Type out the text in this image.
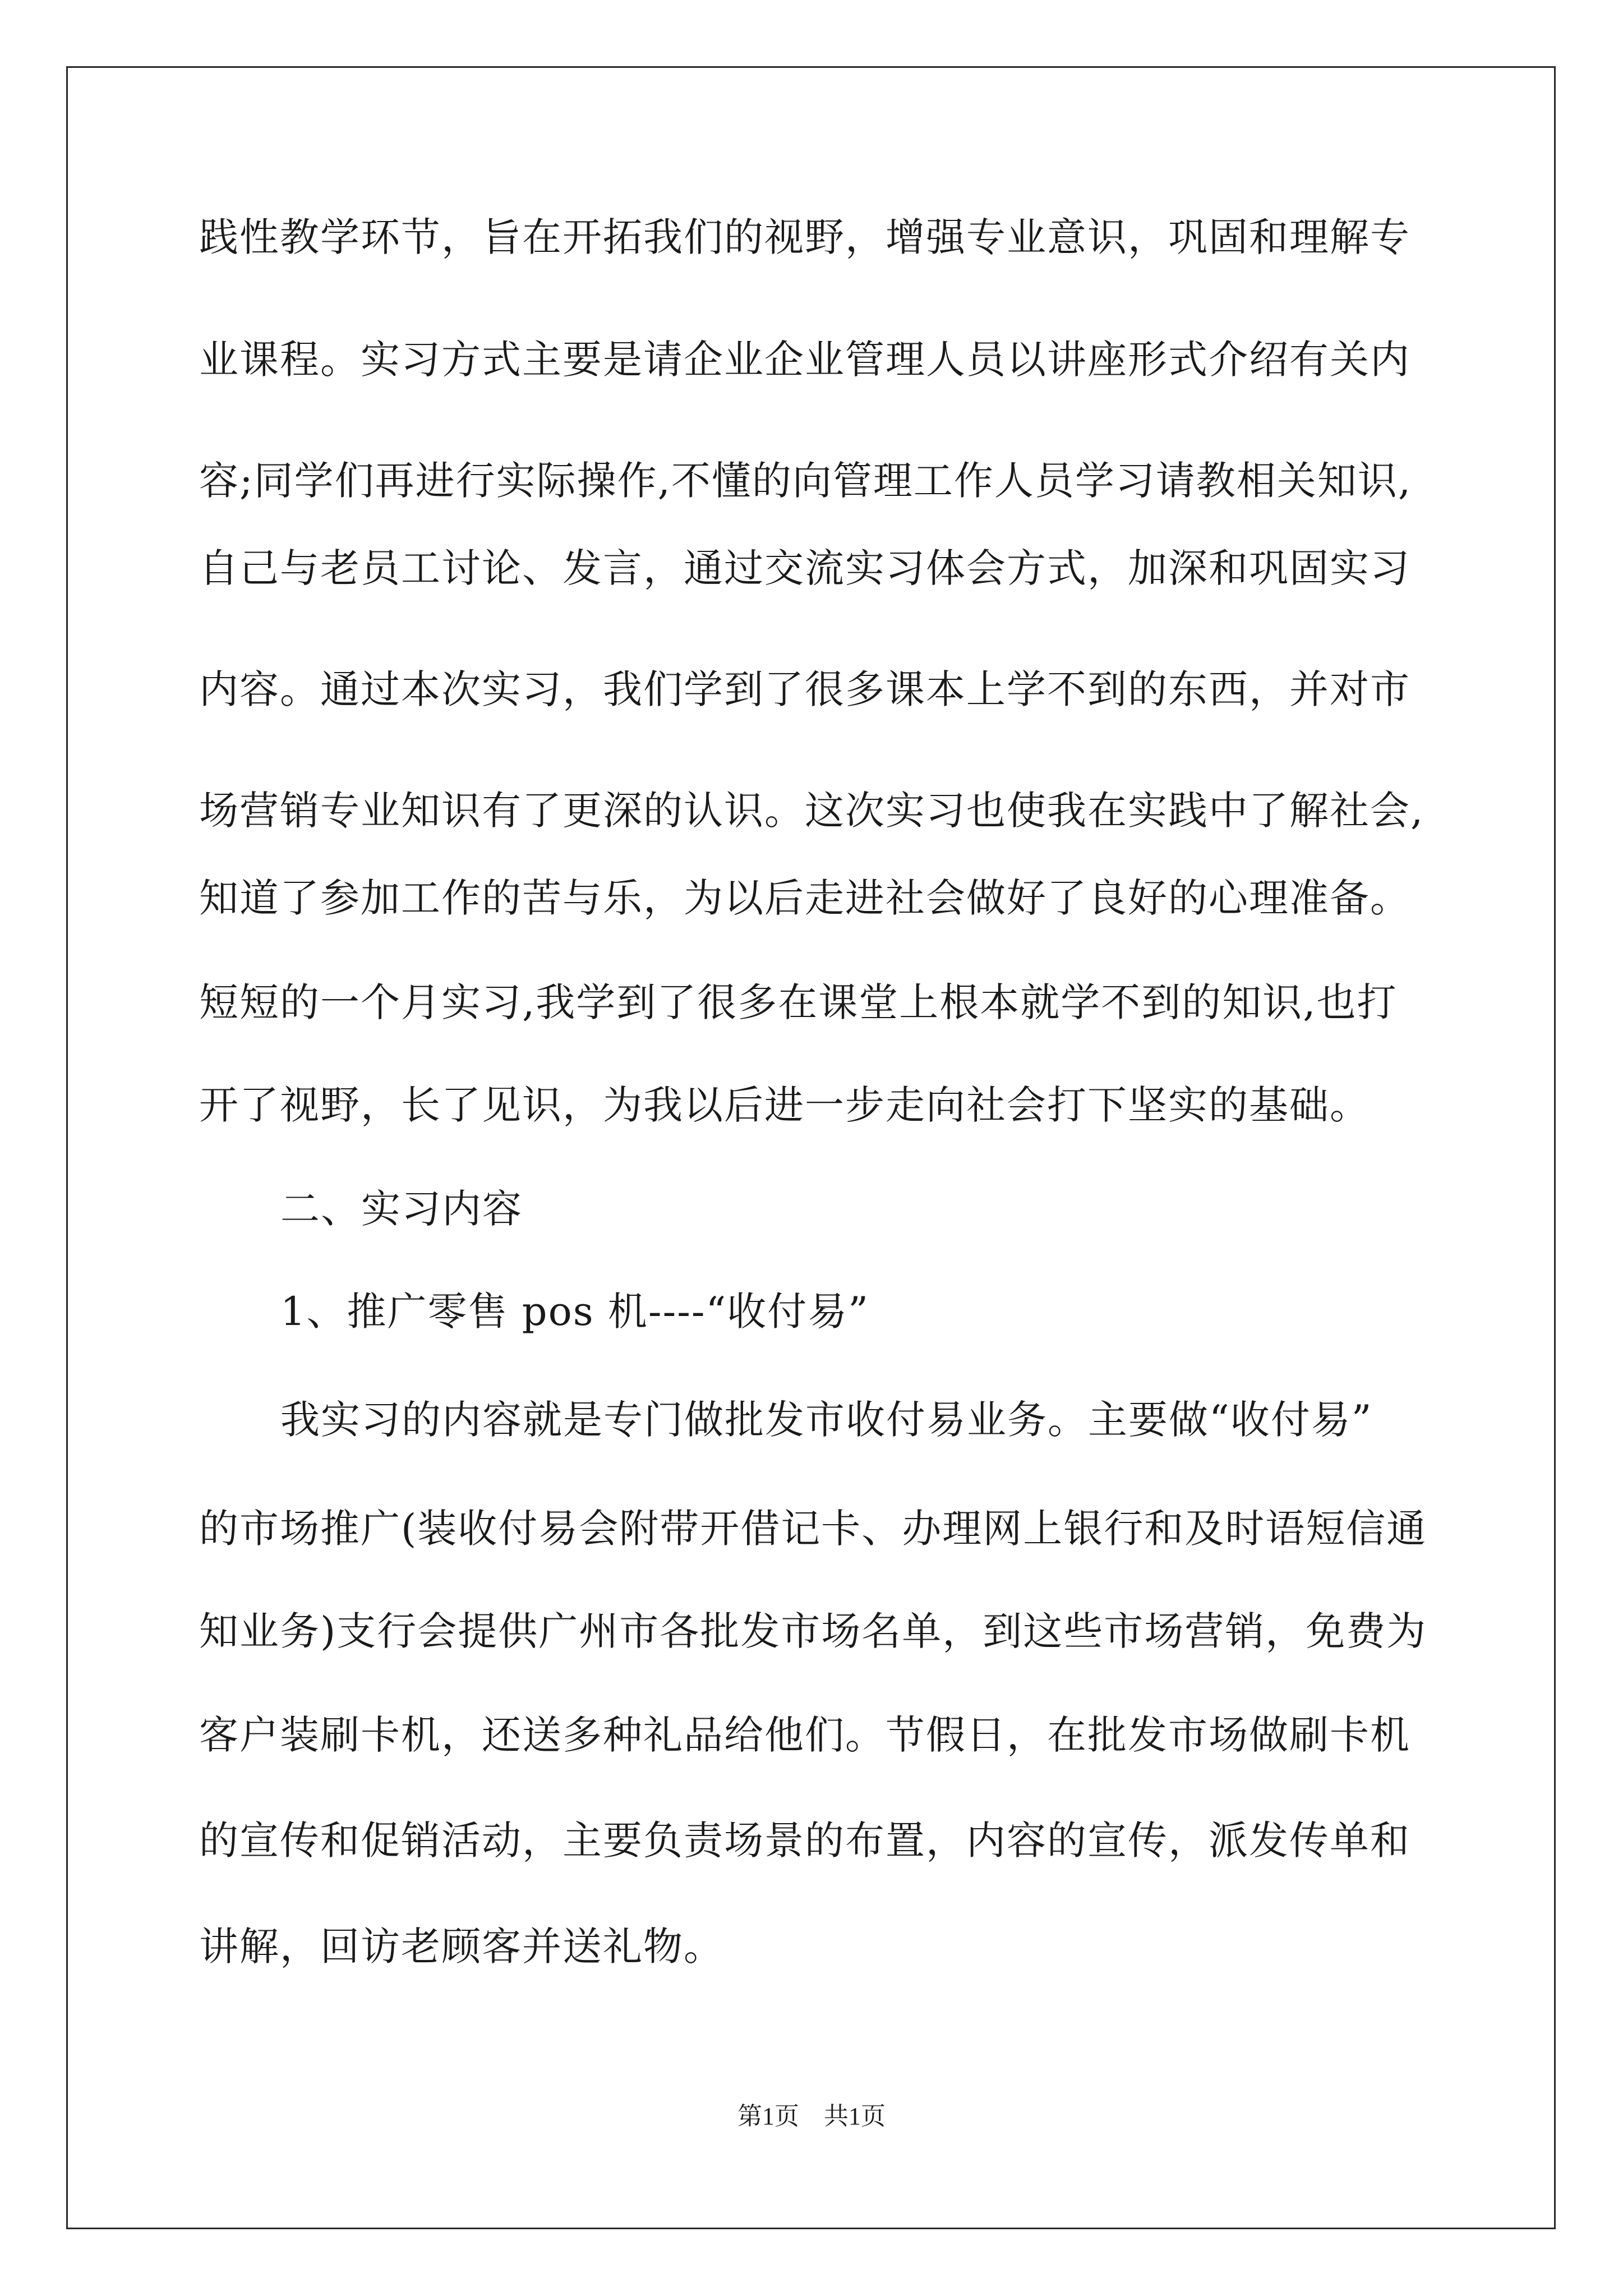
践性教学环节，旨在开拓我们的视野，增强专业意识，巩固和理解专
业课程。实习方式主要是请企业企业管理人员以讲座形式介绍有关内
容;同学们再进行实际操作,不懂的向管理工作人员学习请教相关知识,
自己与老员工讨论、发言，通过交流实习体会方式，加深和巩固实习
内容。通过本次实习，我们学到了很多课本上学不到的东西，并对市
场营销专业知识有了更深的认识。这次实习也使我在实践中了解社会,
知道了参加工作的苦与乐，为以后走进社会做好了良好的心理准备。
短短的一个月实习,我学到了很多在课堂上根本就学不到的知识,也打
开了视野，长了见识，为我以后进一步走向社会打下坚实的基础。
二、实习内容
1、推广零售 pos 机----“收付易”
我实习的内容就是专门做批发市收付易业务。主要做“收付易”
的市场推广(装收付易会附带开借记卡、办理网上银行和及时语短信通
知业务)支行会提供广州市各批发市场名单，到这些市场营销，免费为
客户装刷卡机，还送多种礼品给他们。节假日，在批发市场做刷卡机
的宣传和促销活动，主要负责场景的布置，内容的宣传，派发传单和
讲解，回访老顾客并送礼物。
第1页　共1页
